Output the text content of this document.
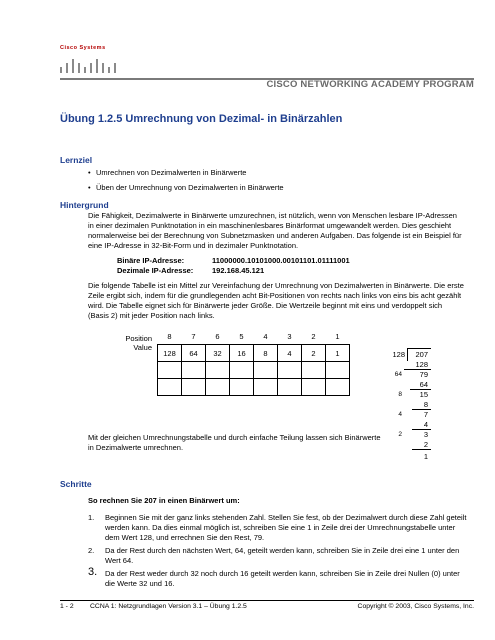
Cisco Systems
CISCO NETWORKING ACADEMY PROGRAM
Übung 1.2.5 Umrechnung von Dezimal- in Binärzahlen
Lernziel
• Umrechnen von Dezimalwerten in Binärwerte
• Üben der Umrechnung von Dezimalwerten in Binärwerte
Hintergrund
Die Fähigkeit, Dezimalwerte in Binärwerte umzurechnen, ist nützlich, wenn von Menschen lesbare IP-Adressen in einer dezimalen Punktnotation in ein maschinenlesbares Binärformat umgewandelt werden. Dies geschieht normalerweise bei der Berechnung von Subnetzmasken und anderen Aufgaben. Das folgende ist ein Beispiel für eine IP-Adresse in 32-Bit-Form und in dezimaler Punktnotation.
Binäre IP-Adresse:	11000000.10101000.00101101.01111001
Dezimale IP-Adresse: 192.168.45.121
Die folgende Tabelle ist ein Mittel zur Vereinfachung der Umrechnung von Dezimalwerten in Binärwerte. Die erste Zeile ergibt sich, indem für die grundlegenden acht Bit-Positionen von rechts nach links von eins bis acht gezählt wird. Die Tabelle eignet sich für Binärwerte jeder Größe. Die Wertzeile beginnt mit eins und verdoppelt sich (Basis 2) mit jeder Position nach links.
Position
Value
8	7	6	5	4	3	2	1
128	64	32	16	8	4	2	1

								128	207
128
64	79
64
8	15
8
4	7
4
2	3
2
1
Mit der gleichen Umrechnungstabelle und durch einfache Teilung lassen sich Binärwerte in Dezimalwerte umrechnen.
Schritte
So rechnen Sie 207 in einen Binärwert um:
1. Beginnen Sie mit der ganz links stehenden Zahl. Stellen Sie fest, ob der Dezimalwert durch diese Zahl geteilt werden kann. Da dies einmal möglich ist, schreiben Sie eine 1 in Zeile drei der Umrechnungstabelle unter dem Wert 128, und errechnen Sie den Rest, 79.
2. Da der Rest durch den nächsten Wert, 64, geteilt werden kann, schreiben Sie in Zeile drei eine 1 unter den Wert 64.
3. Da der Rest weder durch 32 noch durch 16 geteilt werden kann, schreiben Sie in Zeile drei Nullen (0) unter die Werte 32 und 16.
1 - 2 CCNA 1: Netzgrundlagen Version 3.1 – Übung 1.2.5	Copyright © 2003, Cisco Systems, Inc.
